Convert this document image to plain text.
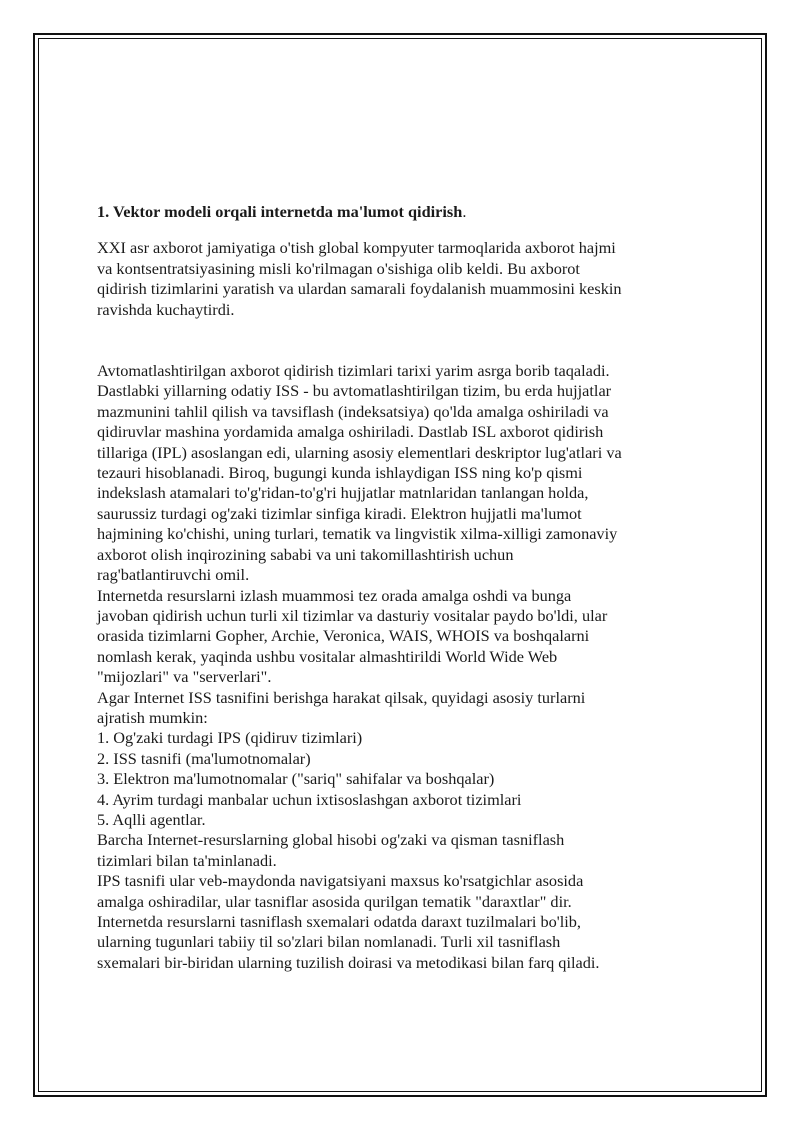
1. Vektor modeli orqali internetda ma'lumot qidirish.

XXI asr axborot jamiyatiga o'tish global kompyuter tarmoqlarida axborot hajmi
va kontsentratsiyasining misli ko'rilmagan o'sishiga olib keldi. Bu axborot
qidirish tizimlarini yaratish va ulardan samarali foydalanish muammosini keskin
ravishda kuchaytirdi.

Avtomatlashtirilgan axborot qidirish tizimlari tarixi yarim asrga borib taqaladi.
Dastlabki yillarning odatiy ISS - bu avtomatlashtirilgan tizim, bu erda hujjatlar
mazmunini tahlil qilish va tavsiflash (indeksatsiya) qo'lda amalga oshiriladi va
qidiruvlar mashina yordamida amalga oshiriladi. Dastlab ISL axborot qidirish
tillariga (IPL) asoslangan edi, ularning asosiy elementlari deskriptor lug'atlari va
tezauri hisoblanadi. Biroq, bugungi kunda ishlaydigan ISS ning ko'p qismi
indekslash atamalari to'g'ridan-to'g'ri hujjatlar matnlaridan tanlangan holda,
saurussiz turdagi og'zaki tizimlar sinfiga kiradi. Elektron hujjatli ma'lumot
hajmining ko'chishi, uning turlari, tematik va lingvistik xilma-xilligi zamonaviy
axborot olish inqirozining sababi va uni takomillashtirish uchun
rag'batlantiruvchi omil.
Internetda resurslarni izlash muammosi tez orada amalga oshdi va bunga
javoban qidirish uchun turli xil tizimlar va dasturiy vositalar paydo bo'ldi, ular
orasida tizimlarni Gopher, Archie, Veronica, WAIS, WHOIS va boshqalarni
nomlash kerak, yaqinda ushbu vositalar almashtirildi World Wide Web
"mijozlari" va "serverlari".
Agar Internet ISS tasnifini berishga harakat qilsak, quyidagi asosiy turlarni
ajratish mumkin:
1. Og'zaki turdagi IPS (qidiruv tizimlari)
2. ISS tasnifi (ma'lumotnomalar)
3. Elektron ma'lumotnomalar ("sariq" sahifalar va boshqalar)
4. Ayrim turdagi manbalar uchun ixtisoslashgan axborot tizimlari
5. Aqlli agentlar.
Barcha Internet-resurslarning global hisobi og'zaki va qisman tasniflash
tizimlari bilan ta'minlanadi.
IPS tasnifi ular veb-maydonda navigatsiyani maxsus ko'rsatgichlar asosida
amalga oshiradilar, ular tasniflar asosida qurilgan tematik "daraxtlar" dir.
Internetda resurslarni tasniflash sxemalari odatda daraxt tuzilmalari bo'lib,
ularning tugunlari tabiiy til so'zlari bilan nomlanadi. Turli xil tasniflash
sxemalari bir-biridan ularning tuzilish doirasi va metodikasi bilan farq qiladi.
